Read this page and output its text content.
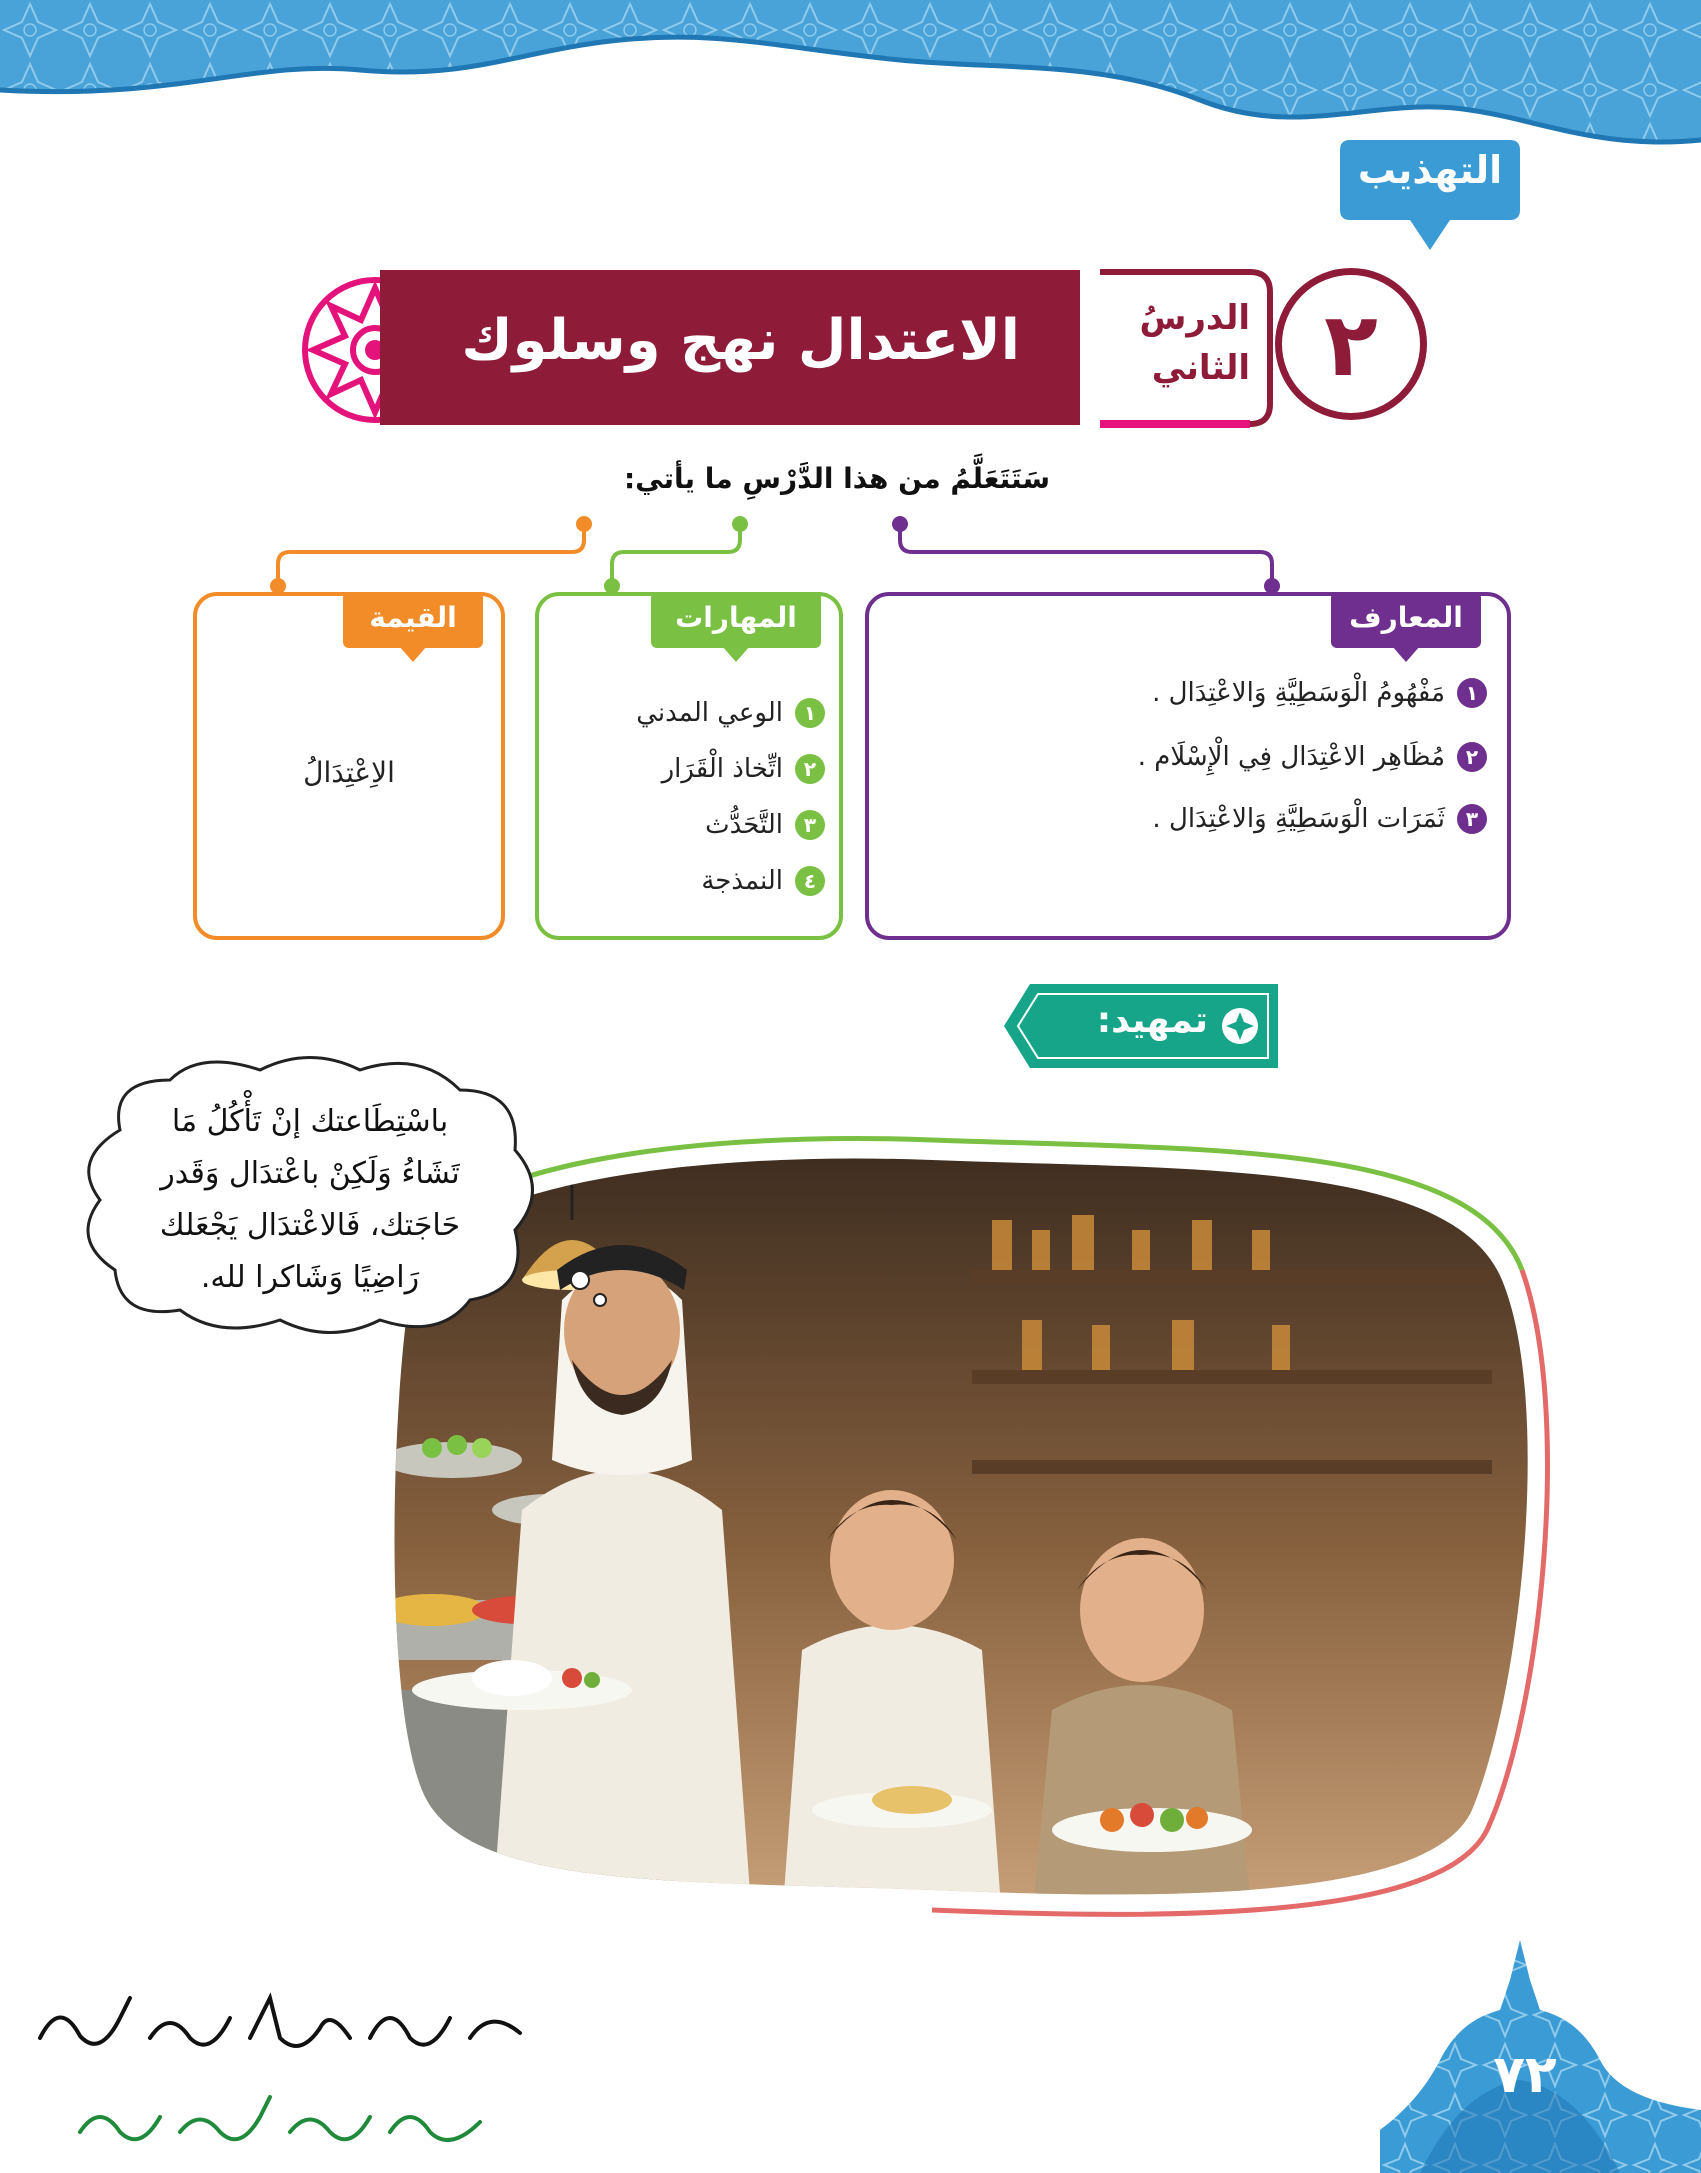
التهذيب
الاعتدال نهج وسلوك	الدرسُ
الثاني ٢
سَتَتَعَلَّمُ من هذا الدَّرْسِ ما يأتي:
المعارف
١
مَفْهُومُ الْوَسَطِيَّةِ وَالاعْتِدَال .
٢
مُظَاهِر الاعْتِدَال فِي الْإِسْلَام .
٣
ثَمَرَات الْوَسَطِيَّةِ وَالاعْتِدَال .
المهارات
١
الوعي المدني
٢
اتِّخاذ الْقَرَار
٣
التَّحَدُّث
٤
النمذجة
القيمة
الاِعْتِدَالُ
تمهيد:
باسْتِطَاعتك إنْ تَأْكُلُ مَا
تَشَاءُ وَلَكِنْ باعْتدَال وَقَدر
حَاجَتك، فَالاعْتدَال يَجْعَلك
رَاضِيًا وَشَاكرا لله.
٧٢
